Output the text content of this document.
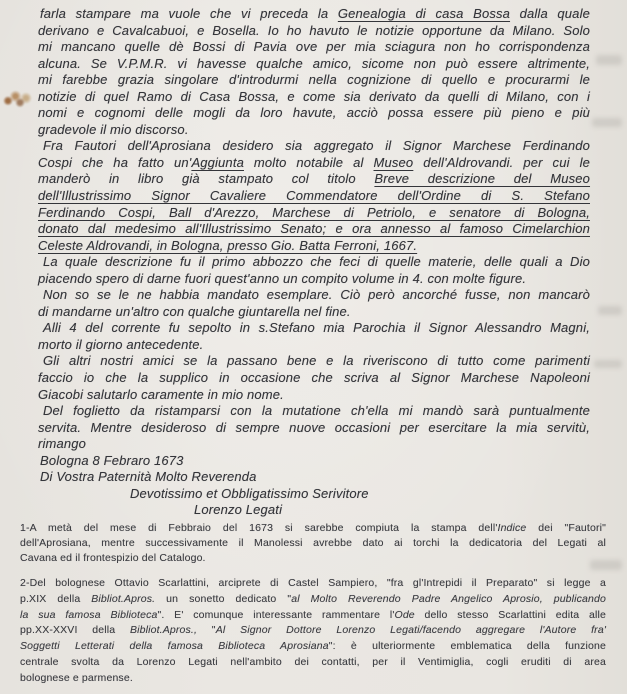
farla stampare ma vuole che vi preceda la Genealogia di casa Bossa dalla quale
derivano e Cavalcabuoi, e Bosella. Io ho havuto le notizie opportune da Milano. Solo
mi mancano quelle dè Bossi di Pavia ove per mia sciagura non ho corrispondenza
alcuna. Se V.P.M.R. vi havesse qualche amico, sicome non può essere altrimente,
mi farebbe grazia singolare d'introdurmi nella cognizione di quello e procurarmi le
notizie di quel Ramo di Casa Bossa, e come sia derivato da quelli di Milano, con i
nomi e cognomi delle mogli da loro havute, acciò possa essere più pieno e più
gradevole il mio discorso.
Fra Fautori dell'Aprosiana desidero sia aggregato il Signor Marchese Ferdinando
Cospi che ha fatto un'Aggiunta molto notabile al Museo dell'Aldrovandi. per cui le
manderò in libro già stampato col titolo Breve descrizione del Museo
dell'Illustrissimo Signor Cavaliere Commendatore dell'Ordine di S. Stefano
Ferdinando Cospi, Ball d'Arezzo, Marchese di Petriolo, e senatore di Bologna,
donato dal medesimo all'Illustrissimo Senato; e ora annesso al famoso Cimelarchion
Celeste Aldrovandi, in Bologna, presso Gio. Batta Ferroni, 1667.
La quale descrizione fu il primo abbozzo che feci di quelle materie, delle quali a Dio
piacendo spero di darne fuori quest'anno un compito volume in 4. con molte figure.
Non so se le ne habbia mandato esemplare. Ciò però ancorché fusse, non mancarò
di mandarne un'altro con qualche giuntarella nel fine.
Alli 4 del corrente fu sepolto in s.Stefano mia Parochia il Signor Alessandro Magni,
morto il giorno antecedente.
Gli altri nostri amici se la passano bene e la riveriscono di tutto come parimenti
faccio io che la supplico in occasione che scriva al Signor Marchese Napoleoni
Giacobi salutarlo caramente in mio nome.
Del foglietto da ristamparsi con la mutatione ch'ella mi mandò sarà puntualmente
servita. Mentre desideroso di sempre nuove occasioni per esercitare la mia servitù,
rimango
Bologna 8 Febraro 1673
Di Vostra Paternità Molto Reverenda
Devotissimo et Obbligatissimo Serivitore
Lorenzo Legati
1-A metà del mese di Febbraio del 1673 si sarebbe compiuta la stampa dell'Indice dei "Fautori"
dell'Aprosiana, mentre successivamente il Manolessi avrebbe dato ai torchi la dedicatoria del Legati al
Cavana ed il frontespizio del Catalogo.
2-Del bolognese Ottavio Scarlattini, arciprete di Castel Sampiero, "fra gl'Intrepidi il Preparato" si legge a
p.XIX della Bibliot.Apros. un sonetto dedicato "al Molto Reverendo Padre Angelico Aprosio, publicando
la sua famosa Biblioteca". E' comunque interessante rammentare l'Ode dello stesso Scarlattini edita alle
pp.XX-XXVI della Bibliot.Apros., "Al Signor Dottore Lorenzo Legati/facendo aggregare l'Autore fra'
Soggetti Letterati della famosa Biblioteca Aprosiana": è ulteriormente emblematica della funzione
centrale svolta da Lorenzo Legati nell'ambito dei contatti, per il Ventimiglia, cogli eruditi di area
bolognese e parmense.
